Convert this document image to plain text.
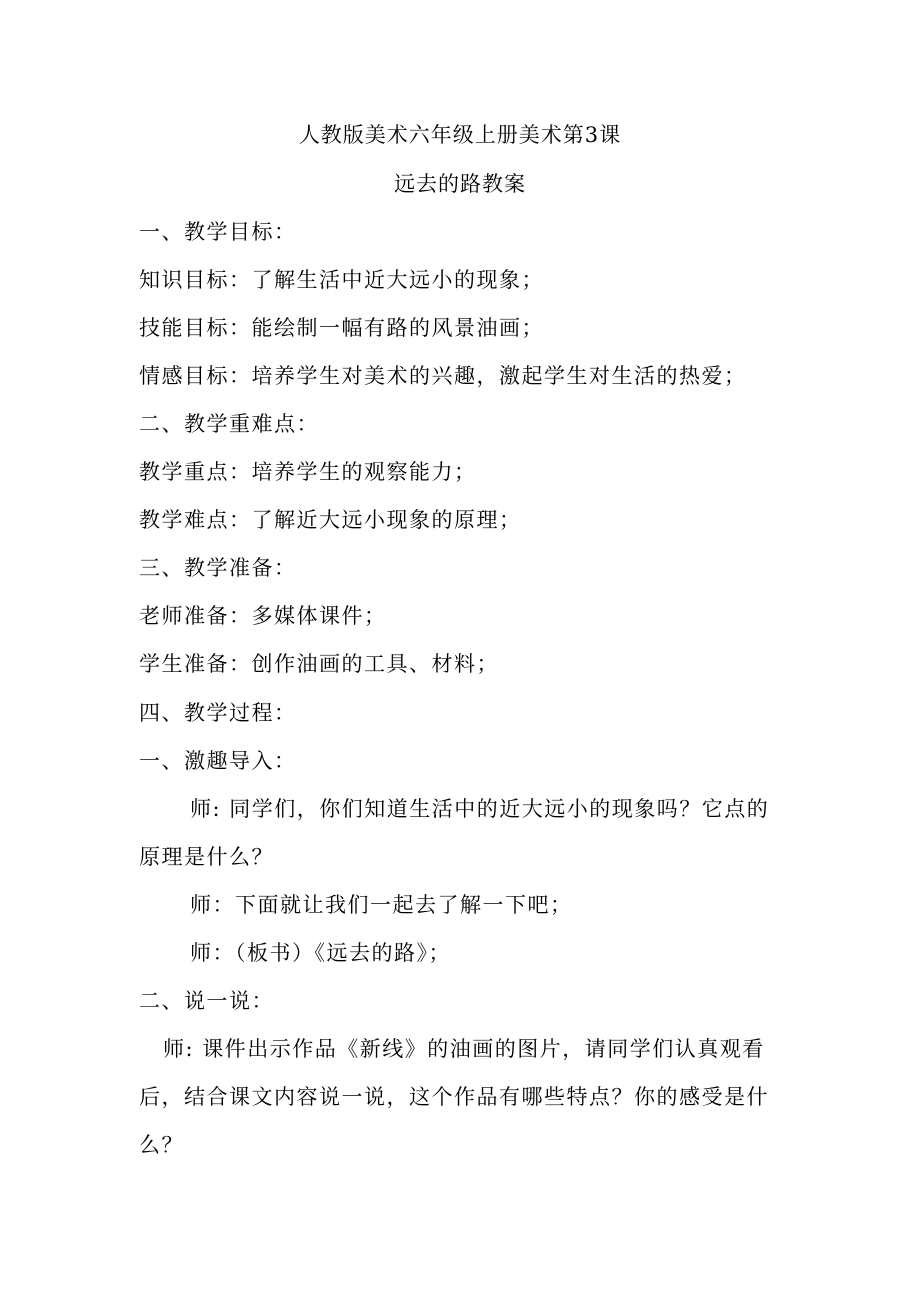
人教版美术六年级上册美术第3课
远去的路教案
一、教学目标：
知识目标：了解生活中近大远小的现象；
技能目标：能绘制一幅有路的风景油画；
情感目标：培养学生对美术的兴趣，激起学生对生活的热爱；
二、教学重难点：
教学重点：培养学生的观察能力；
教学难点：了解近大远小现象的原理；
三、教学准备：
老师准备：多媒体课件；
学生准备：创作油画的工具、材料；
四、教学过程：
一、激趣导入：
师: 同学们，你们知道生活中的近大远小的现象吗？它点的
原理是什么？
师：下面就让我们一起去了解一下吧；
师：（板书）《远去的路》；
二、说一说：
师: 课件出示作品《新线》的油画的图片，请同学们认真观看
后，结合课文内容说一说，这个作品有哪些特点？你的感受是什
么？
